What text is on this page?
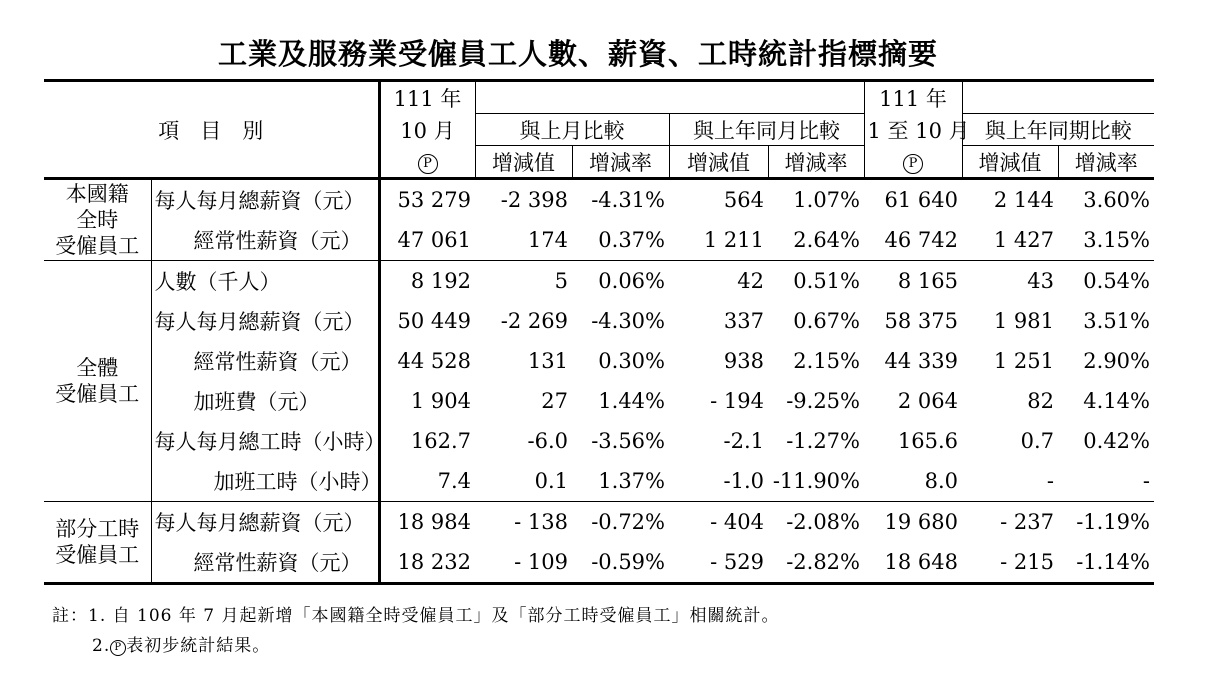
工業及服務業受僱員工人數、薪資、工時統計指標摘要
項　目　別		111 年					111 年		
		10 月	與上月比較		與上年同月比較		1 至 10 月	與上年同期比較	
		P	增減值	增減率	增減值	增減率	P	增減值	增減率

本國籍
全時
受僱員工	每人每月總薪資（元）	53 279	-2 398	-4.31%	564	1.07%	61 640	2 144	3.60%
	經常性薪資（元）	47 061	174	0.37%	1 211	2.64%	46 742	1 427	3.15%

全體
受僱員工	人數（千人）	8 192	5	0.06%	42	0.51%	8 165	43	0.54%
	每人每月總薪資（元）	50 449	-2 269	-4.30%	337	0.67%	58 375	1 981	3.51%
	經常性薪資（元）	44 528	131	0.30%	938	2.15%	44 339	1 251	2.90%
	加班費（元）	1 904	27	1.44%	- 194	-9.25%	2 064	82	4.14%
	每人每月總工時（小時）	162.7	-6.0	-3.56%	-2.1	-1.27%	165.6	0.7	0.42%
	加班工時（小時）	7.4	0.1	1.37%	-1.0	-11.90%	8.0	-	-

部分工時
受僱員工	每人每月總薪資（元）	18 984	- 138	-0.72%	- 404	-2.08%	19 680	- 237	-1.19%
	經常性薪資（元）	18 232	- 109	-0.59%	- 529	-2.82%	18 648	- 215	-1.14%
註：1. 自 106 年 7 月起新增「本國籍全時受僱員工」及「部分工時受僱員工」相關統計。
2. P 表初步統計結果。
